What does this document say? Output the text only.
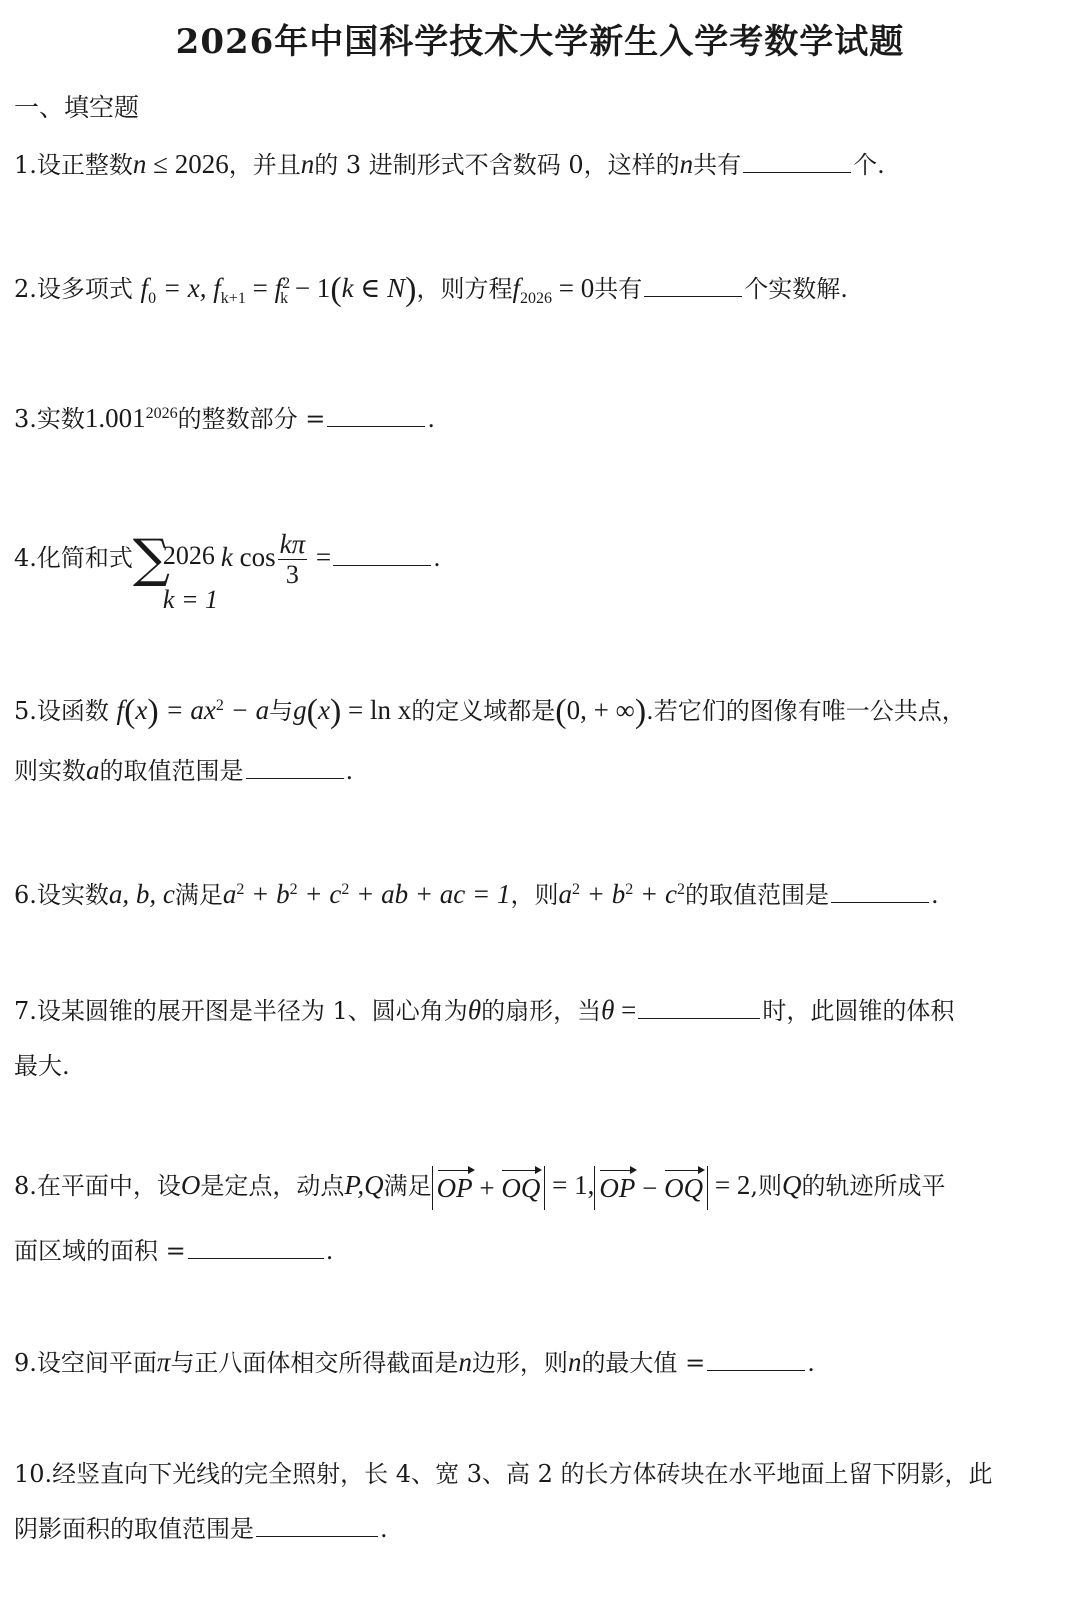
2026年中国科学技术大学新生入学考数学试题
一、填空题
1.设正整数n ≤ 2026，并且n的 3 进制形式不含数码 0，这样的n共有	个.
2.设多项式 $f_0 = x$, $f_{k+1} = f^2_k - 1(k$ ∈ N)，则方程$f_{2026} = 0$共有	个实数解.
3.实数$1.001^{2026}$的整数部分 =	.
4.化简和式 ∑
2026
k = 1
k $\cos \frac{k\pi}{3}$ =	.
5.设函数 $f(x) = ax^2 - a$与g(x) = ln x的定义域都是(0, + ∞).若它们的图像有唯一公共点，
则实数a的取值范围是	.
6.设实数a, b, c满足$a^2 + b^2 + c^2$ + ab + ac = 1，则$a^2 + b^2 + c^2$的取值范围是	.
7.设某圆锥的展开图是半径为 1、圆心角为θ的扇形，当θ =	时，此圆锥的体积
最大.
8.在平面中，设O是定点，动点P,Q满足 OP + OQ = 1, OP − OQ = 2,则Q的轨迹所成平
面区域的面积 =	.
9.设空间平面π与正八面体相交所得截面是n边形，则n的最大值 =	.
10.经竖直向下光线的完全照射，长 4、宽 3、高 2 的长方体砖块在水平地面上留下阴影，此
阴影面积的取值范围是	.
